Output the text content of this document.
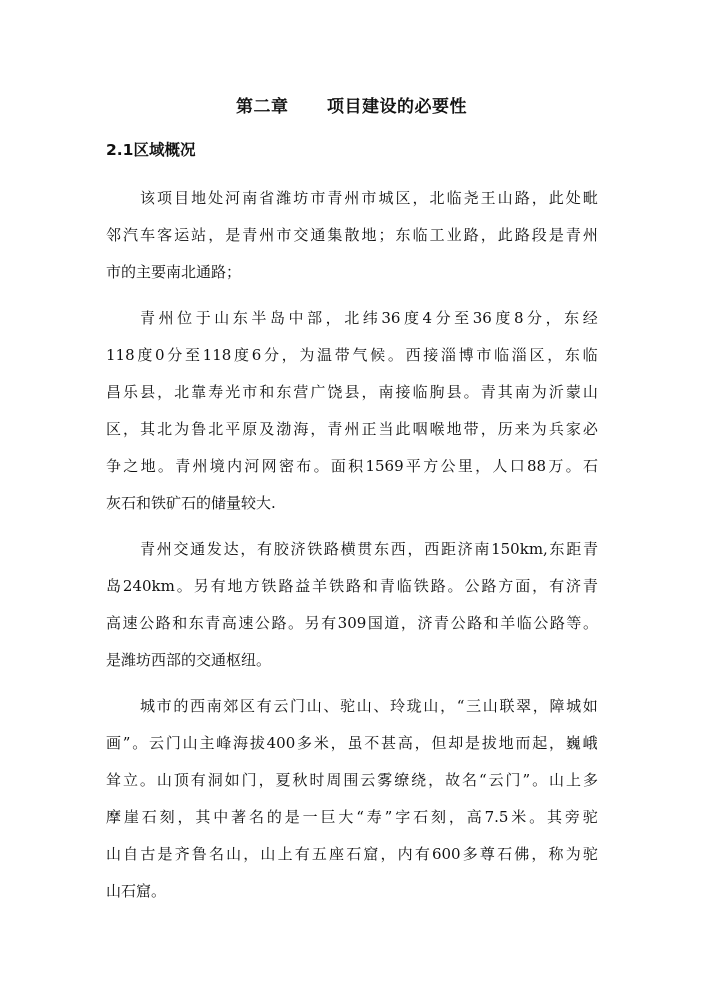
第二章      项目建设的必要性
2.1区域概况
该 项 目 地 处 河 南 省 潍 坊 市 青 州 市 城 区 ， 北 临 尧 王 山 路 ， 此 处 毗
邻 汽 车 客 运 站 ， 是 青 州 市 交 通 集 散 地 ； 东 临 工 业 路 ， 此 路 段 是 青 州
市的主要南北通路；
青 州 位 于 山 东 半 岛 中 部 ， 北 纬 36 度 4 分 至 36 度 8 分 ， 东 经
118 度 0 分 至 118 度 6 分 ， 为 温 带 气 候 。 西 接 淄 博 市 临 淄 区 ， 东 临
昌 乐 县 ， 北 靠 寿 光 市 和 东 营 广 饶 县 ， 南 接 临 朐 县 。 青 其 南 为 沂 蒙 山
区 ， 其 北 为 鲁 北 平 原 及 渤 海 ， 青 州 正 当 此 咽 喉 地 带 ， 历 来 为 兵 家 必
争 之 地 。 青 州 境 内 河 网 密 布 。 面 积 1569 平 方 公 里 ， 人 口 88 万 。 石
灰石和铁矿石的储量较大.
青 州 交 通 发 达 ， 有 胶 济 铁 路 横 贯 东 西 ， 西 距 济 南 150km, 东 距 青
岛 240km 。 另 有 地 方 铁 路 益 羊 铁 路 和 青 临 铁 路 。 公 路 方 面 ， 有 济 青
高 速 公 路 和 东 青 高 速 公 路 。 另 有 309 国 道 ， 济 青 公 路 和 羊 临 公 路 等 。
是潍坊西部的交通枢纽。
城 市 的 西 南 郊 区 有 云 门 山 、 驼 山 、 玲 珑 山 ， “ 三 山 联 翠 ， 障 城 如
画 ” 。 云 门 山 主 峰 海 拔 400 多 米 ， 虽 不 甚 高 ， 但 却 是 拔 地 而 起 ， 巍 峨
耸 立 。 山 顶 有 洞 如 门 ， 夏 秋 时 周 围 云 雾 缭 绕 ， 故 名 “ 云 门 ” 。 山 上 多
摩 崖 石 刻 ， 其 中 著 名 的 是 一 巨 大 “ 寿 ” 字 石 刻 ， 高 7.5 米 。 其 旁 驼
山 自 古 是 齐 鲁 名 山 ， 山 上 有 五 座 石 窟 ， 内 有 600 多 尊 石 佛 ， 称 为 驼
山石窟。
